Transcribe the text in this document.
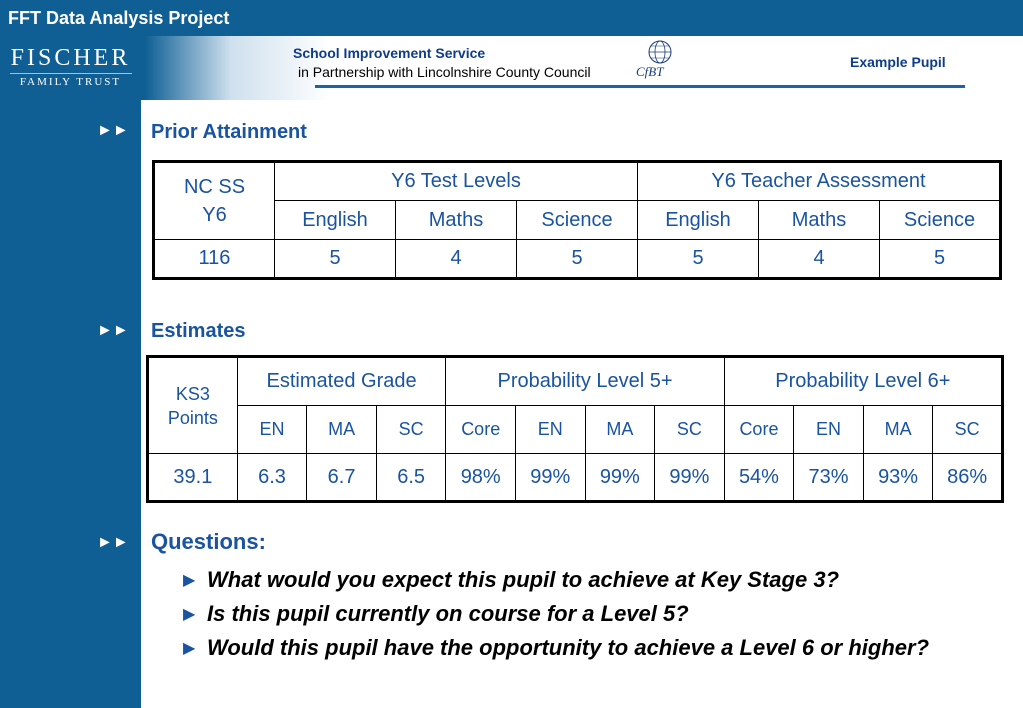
FFT Data Analysis Project
FISCHER
FAMILY TRUST
School Improvement Service
in Partnership with Lincolnshire County Council	CfBT
Example Pupil
►► Prior Attainment
NC SS Y6	Y6 Test Levels			Y6 Teacher Assessment		
	English	Maths	Science	English	Maths	Science
116	5	4	5	5	4	5
►► Estimates
KS3 Points	Estimated Grade			Probability Level 5+				Probability Level 6+			
	EN	MA	SC	Core	EN	MA	SC	Core	EN	MA	SC
39.1	6.3	6.7	6.5	98%	99%	99%	99%	54%	73%	93%	86%
►► Questions:
▶ What would you expect this pupil to achieve at Key Stage 3?
▶ Is this pupil currently on course for a Level 5?
▶ Would this pupil have the opportunity to achieve a Level 6 or higher?
